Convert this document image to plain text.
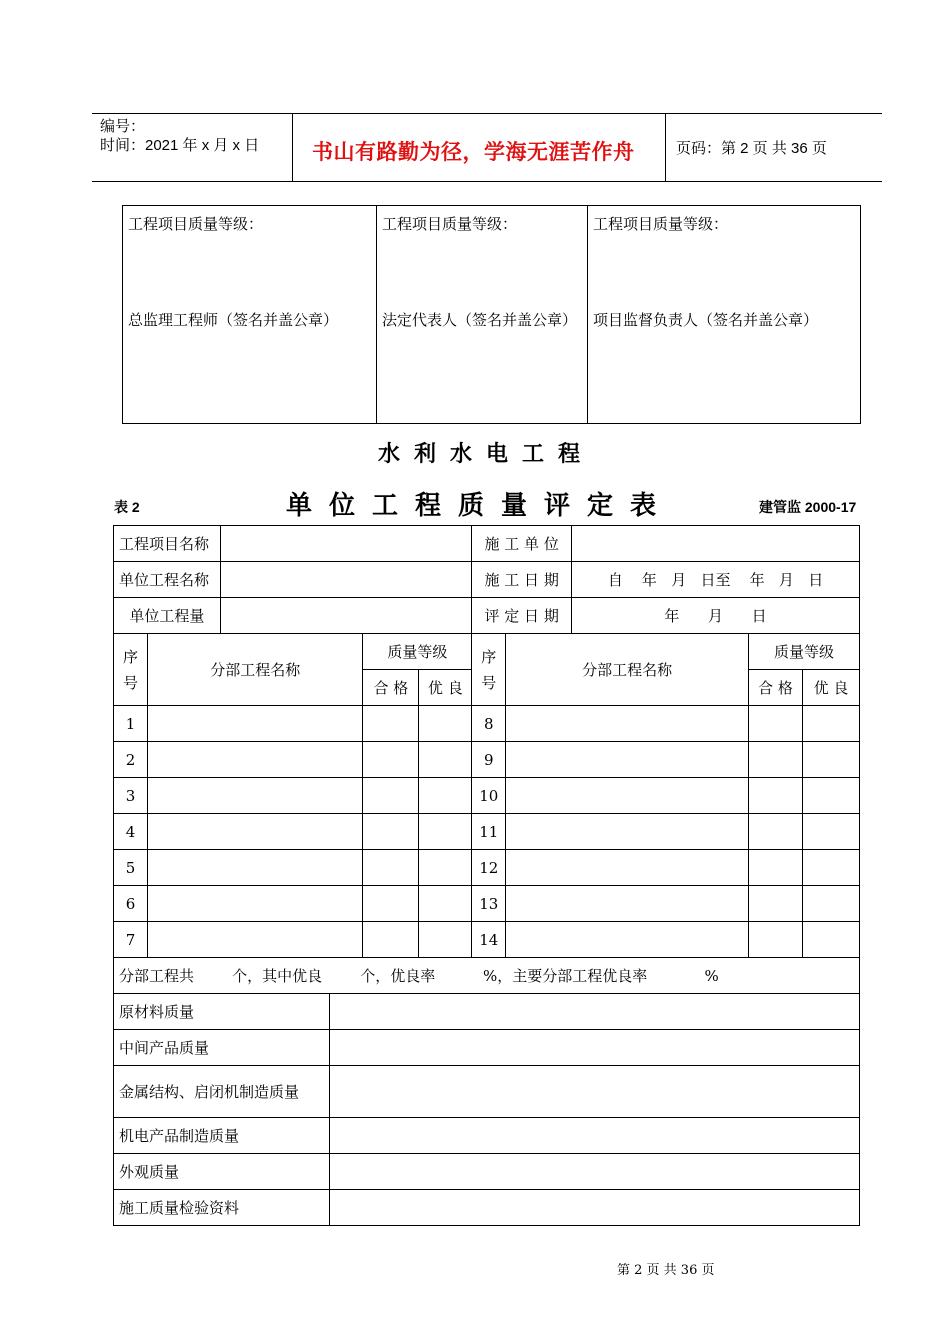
编号：
时间：2021 年 x 月 x 日	书山有路勤为径，学海无涯苦作舟	页码：第 2 页 共 36 页
工程项目质量等级：
总监理工程师（签名并盖公章）

工程项目质量等级：
法定代表人（签名并盖公章）

工程项目质量等级：
项目监督负责人（签名并盖公章）
水利水电工程
表 2	单位工程质量评定表	建管监 2000-17
工程项目名称						施 工 单 位				
单位工程名称						施 工 日 期		自    年   月   日至    年   月   日		
单位工程量						评 定 日 期		年      月      日		
序号	分部工程名称			质量等级		序号	分部工程名称		质量等级	
				合 格	优 良				合 格	优 良
1						8				
2						9				
3						10				
4						11				
5						12				
6						13				
7						14				
分部工程共        个，其中优良        个，优良率          %，主要分部工程优良率            %										
原材料质量										
中间产品质量										
金属结构、启闭机制造质量										
机电产品制造质量										
外观质量										
施工质量检验资料										
第 2 页 共 36 页
